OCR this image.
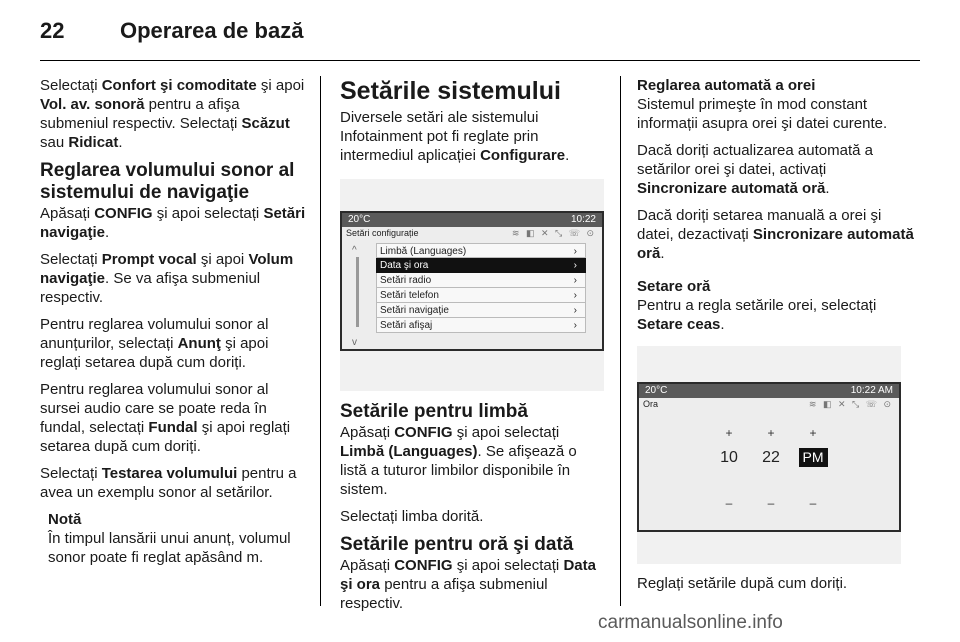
22	Operarea de bază

Selectați Confort şi comoditate şi apoi Vol. av. sonoră pentru a afişa submeniul respectiv. Selectați Scăzut sau Ridicat.

Reglarea volumului sonor al sistemului de navigaţie

Apăsați CONFIG şi apoi selectați Setări navigaţie.

Selectați Prompt vocal şi apoi Volum navigaţie. Se va afişa submeniul respectiv.

Pentru reglarea volumului sonor al anunțurilor, selectați Anunţ şi apoi reglați setarea după cum doriți.

Pentru reglarea volumului sonor al sursei audio care se poate reda în fundal, selectați Fundal şi apoi reglați setarea după cum doriți.

Selectați Testarea volumului pentru a avea un exemplu sonor al setărilor.

Notă

În timpul lansării unui anunț, volumul sonor poate fi reglat apăsând m.

Setările sistemului

Diversele setări ale sistemului Infotainment pot fi reglate prin intermediul aplicației Configurare.

20°C	10:22
Setări configurație	≋ ◧ ✕ ⤡ ☏ ⊙
^
v
Limbă (Languages)	›
Data şi ora	›
Setări radio	›
Setări telefon	›
Setări navigaţie	›
Setări afişaj	›
Setările pentru limbă

Apăsați CONFIG şi apoi selectați Limbă (Languages). Se afişează o listă a tuturor limbilor disponibile în sistem.

Selectați limba dorită.

Setările pentru oră şi dată

Apăsați CONFIG şi apoi selectați Data şi ora pentru a afişa submeniul respectiv.

Reglarea automată a orei

Sistemul primeşte în mod constant informații asupra orei şi datei curente.

Dacă doriți actualizarea automată a setărilor orei şi datei, activați Sincronizare automată oră.

Dacă doriți setarea manuală a orei şi datei, dezactivați Sincronizare automată oră.

Setare oră

Pentru a regla setările orei, selectați Setare ceas.

20°C	10:22 AM
Ora	≋ ◧ ✕ ⤡ ☏ ⊙
+	+	+
10	22	PM
–	–	–

Reglați setările după cum doriți.

carmanualsonline.info
